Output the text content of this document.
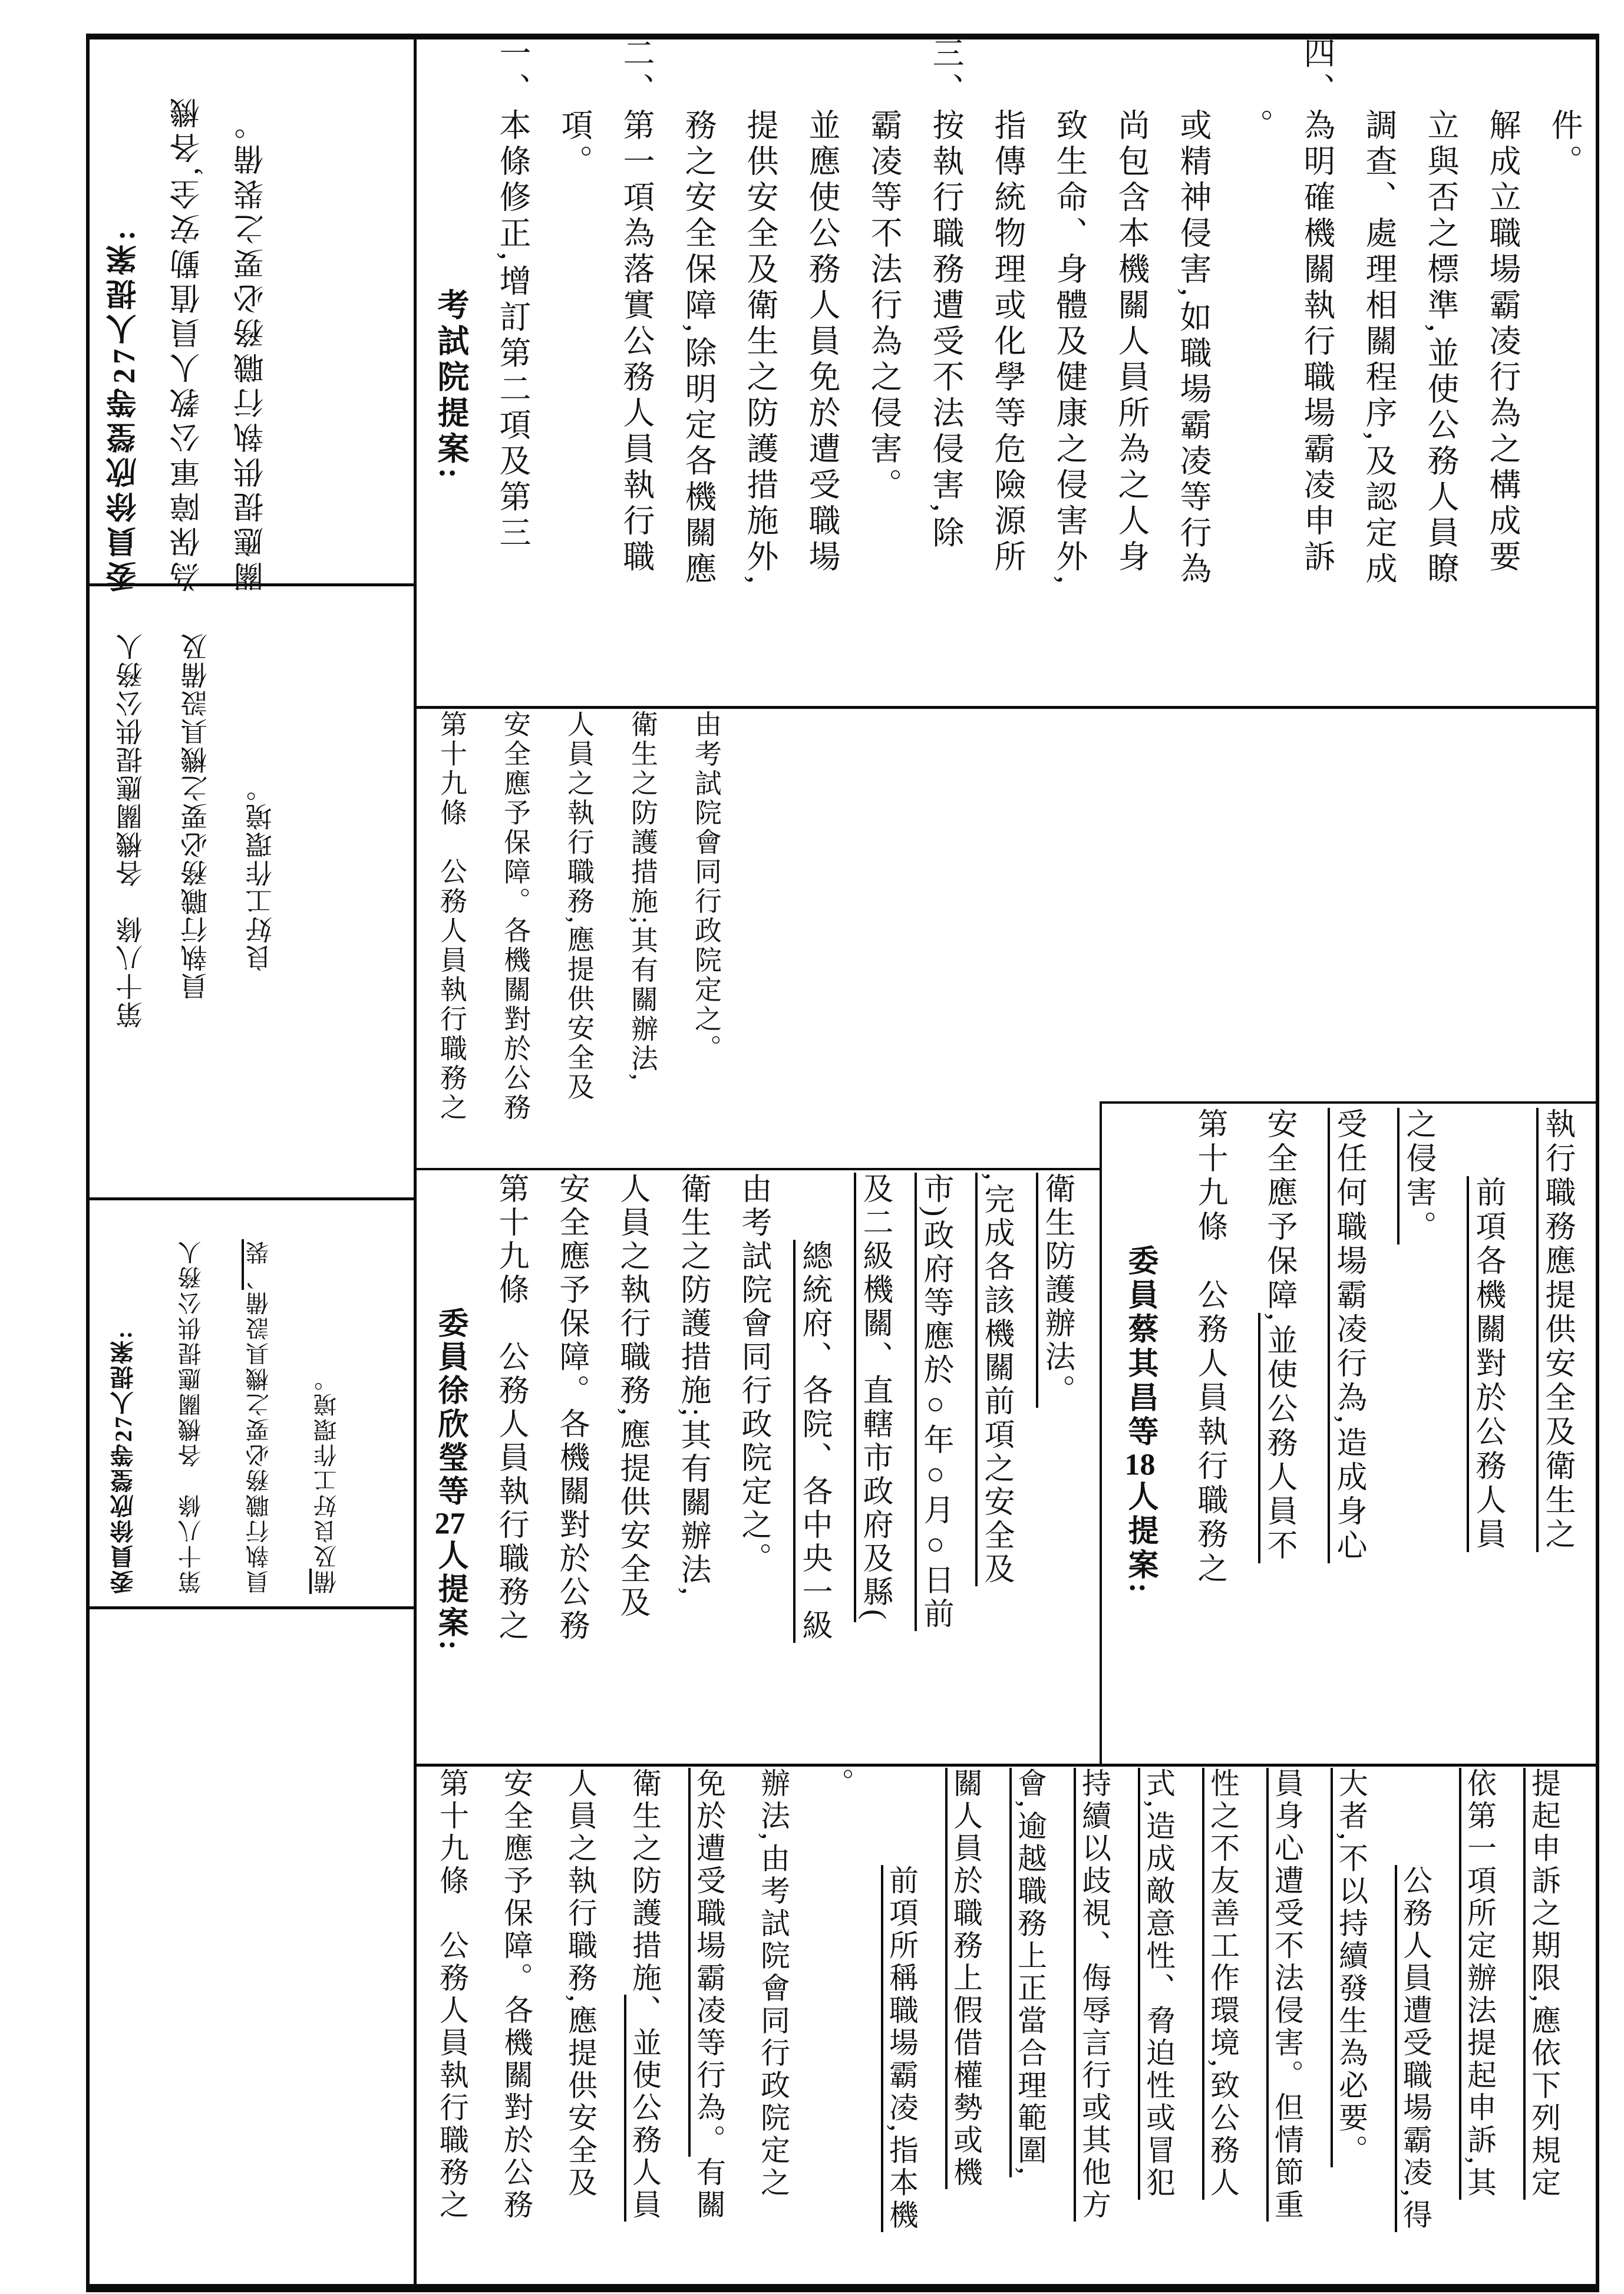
委員徐欣瑩等27人提案: 為保障軍公教人員值勤安全,各機 關應提供執行職務必要之裝備。
第十八條　各機關應提供公務人
　員執行職務必要之機具設備及
　　良好工作環境。
委員徐欣瑩等27人提案: 第十八條　各機關應提供公務人 員執行職務必要之機具設備、裝
備及良好工作環境。
　　　　　　　考試院提案: 一、本條修正,增訂第二項及第三
　　項。 二、第一項為落實公務人員執行職
　　務之安全保障,除明定各機關應
　　提供安全及衛生之防護措施外,
　　並應使公務人員免於遭受職場
　　霸凌等不法行為之侵害。 三、按執行職務遭受不法侵害,除
　　指傳統物理或化學等危險源所
　　致生命、身體及健康之侵害外,
　　尚包含本機關人員所為之人身
　　或精神侵害,如職場霸凌等行為
　　。 四、為明確機關執行職場霸凌申訴
　　調查、處理相關程序,及認定成
　　立與否之標準,並使公務人員瞭
　　解成立職場霸凌行為之構成要
　　件。
第十九條　公務人員執行職務之 安全應予保障。各機關對於公務 人員之執行職務,應提供安全及 衛生之防護措施;其有關辦法, 由考試院會同行政院定之。
　　　　委員徐欣瑩等27人提案: 第十九條　公務人員執行職務之 安全應予保障。各機關對於公務 人員之執行職務,應提供安全及 衛生之防護措施;其有關辦法, 由考試院會同行政院定之。
　　 總統府、各院、各中央一級 及二級機關、直轄市政府及縣( 市)政府等應於○年○月○日前 ,完成各該機關前項之安全及 衛生防護辦法。
　　　　	委員蔡其昌等18人提案: 第十九條　公務人員執行職務之 安全應予保障,並使公務人員不 受任何職場霸凌行為,造成身心 之侵害。
　　 前項各機關對於公務人員 執行職務應提供安全及衛生之
第十九條　公務人員執行職務之 安全應予保障。各機關對於公務 人員之執行職務,應提供安全及 衛生之防護措施、並使公務人員 免於遭受職場霸凌等行為。有關 辦法,由考試院會同行政院定之 。
　　　前項所稱職場霸凌,指本機 關人員於職務上假借權勢或機 會,逾越職務上正當合理範圍, 持續以歧視、侮辱言行或其他方 式,造成敵意性、脅迫性或冒犯 性之不友善工作環境,致公務人 員身心遭受不法侵害。但情節重 大者,不以持續發生為必要。
　　　 公務人員遭受職場霸凌,得 依第一項所定辦法提起申訴,其 提起申訴之期限,應依下列規定
